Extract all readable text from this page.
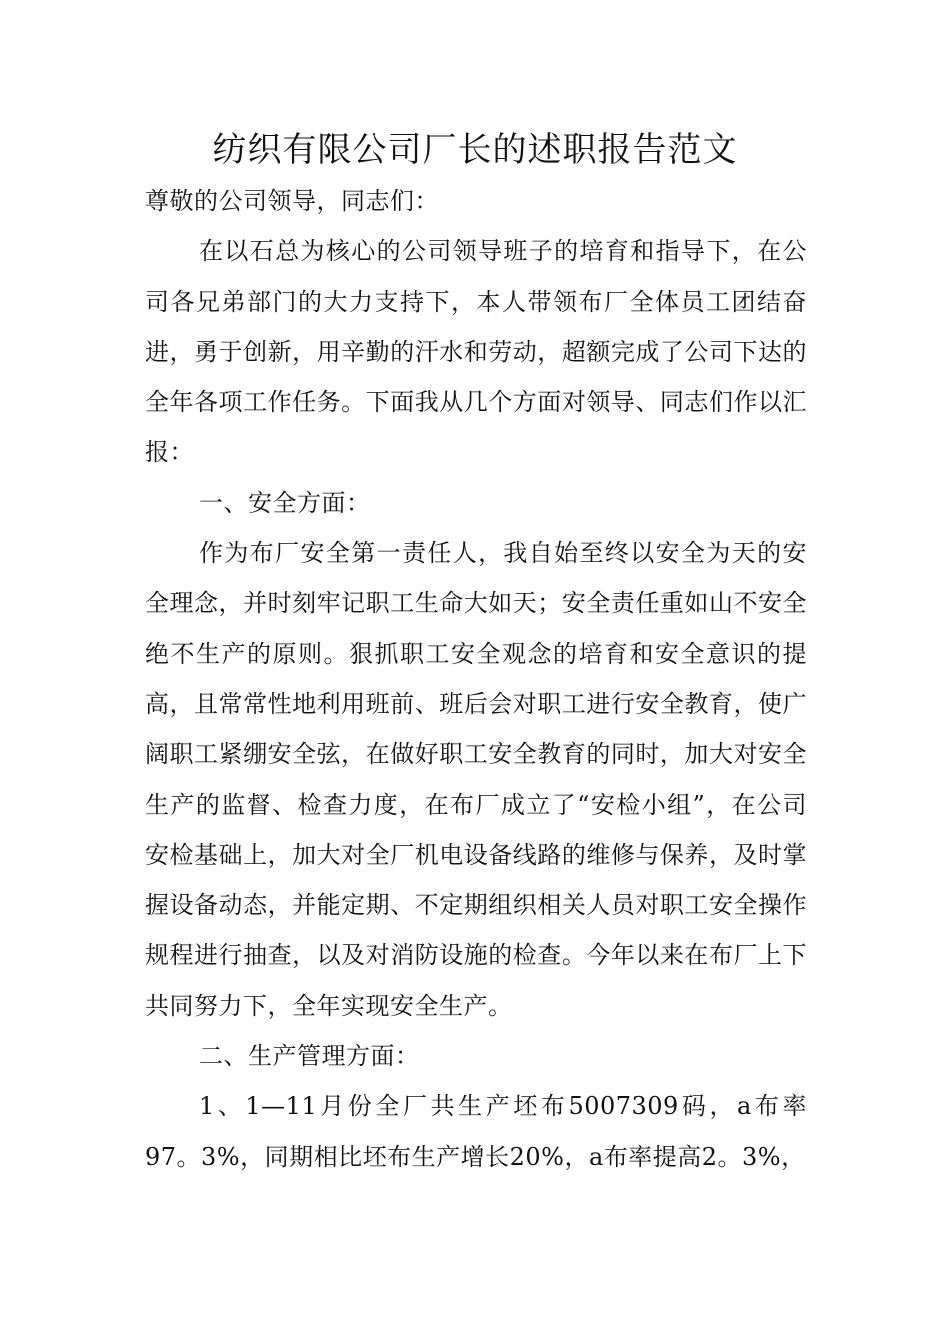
纺织有限公司厂长的述职报告范文

尊敬的公司领导，同志们：

在以石总为核心的公司领导班子的培育和指导下，在公司各兄弟部门的大力支持下，本人带领布厂全体员工团结奋进，勇于创新，用辛勤的汗水和劳动，超额完成了公司下达的全年各项工作任务。下面我从几个方面对领导、同志们作以汇报：

一、安全方面：

作为布厂安全第一责任人，我自始至终以安全为天的安全理念，并时刻牢记职工生命大如天；安全责任重如山不安全绝不生产的原则。狠抓职工安全观念的培育和安全意识的提高，且常常性地利用班前、班后会对职工进行安全教育，使广阔职工紧绷安全弦，在做好职工安全教育的同时，加大对安全生产的监督、检查力度，在布厂成立了“安检小组”，在公司安检基础上，加大对全厂机电设备线路的维修与保养，及时掌握设备动态，并能定期、不定期组织相关人员对职工安全操作规程进行抽查，以及对消防设施的检查。今年以来在布厂上下共同努力下，全年实现安全生产。

二、生产管理方面：

1、1—11月份全厂共生产坯布5007309码，a布率97。3%，同期相比坯布生产增长20%，a布率提高2。3%，
